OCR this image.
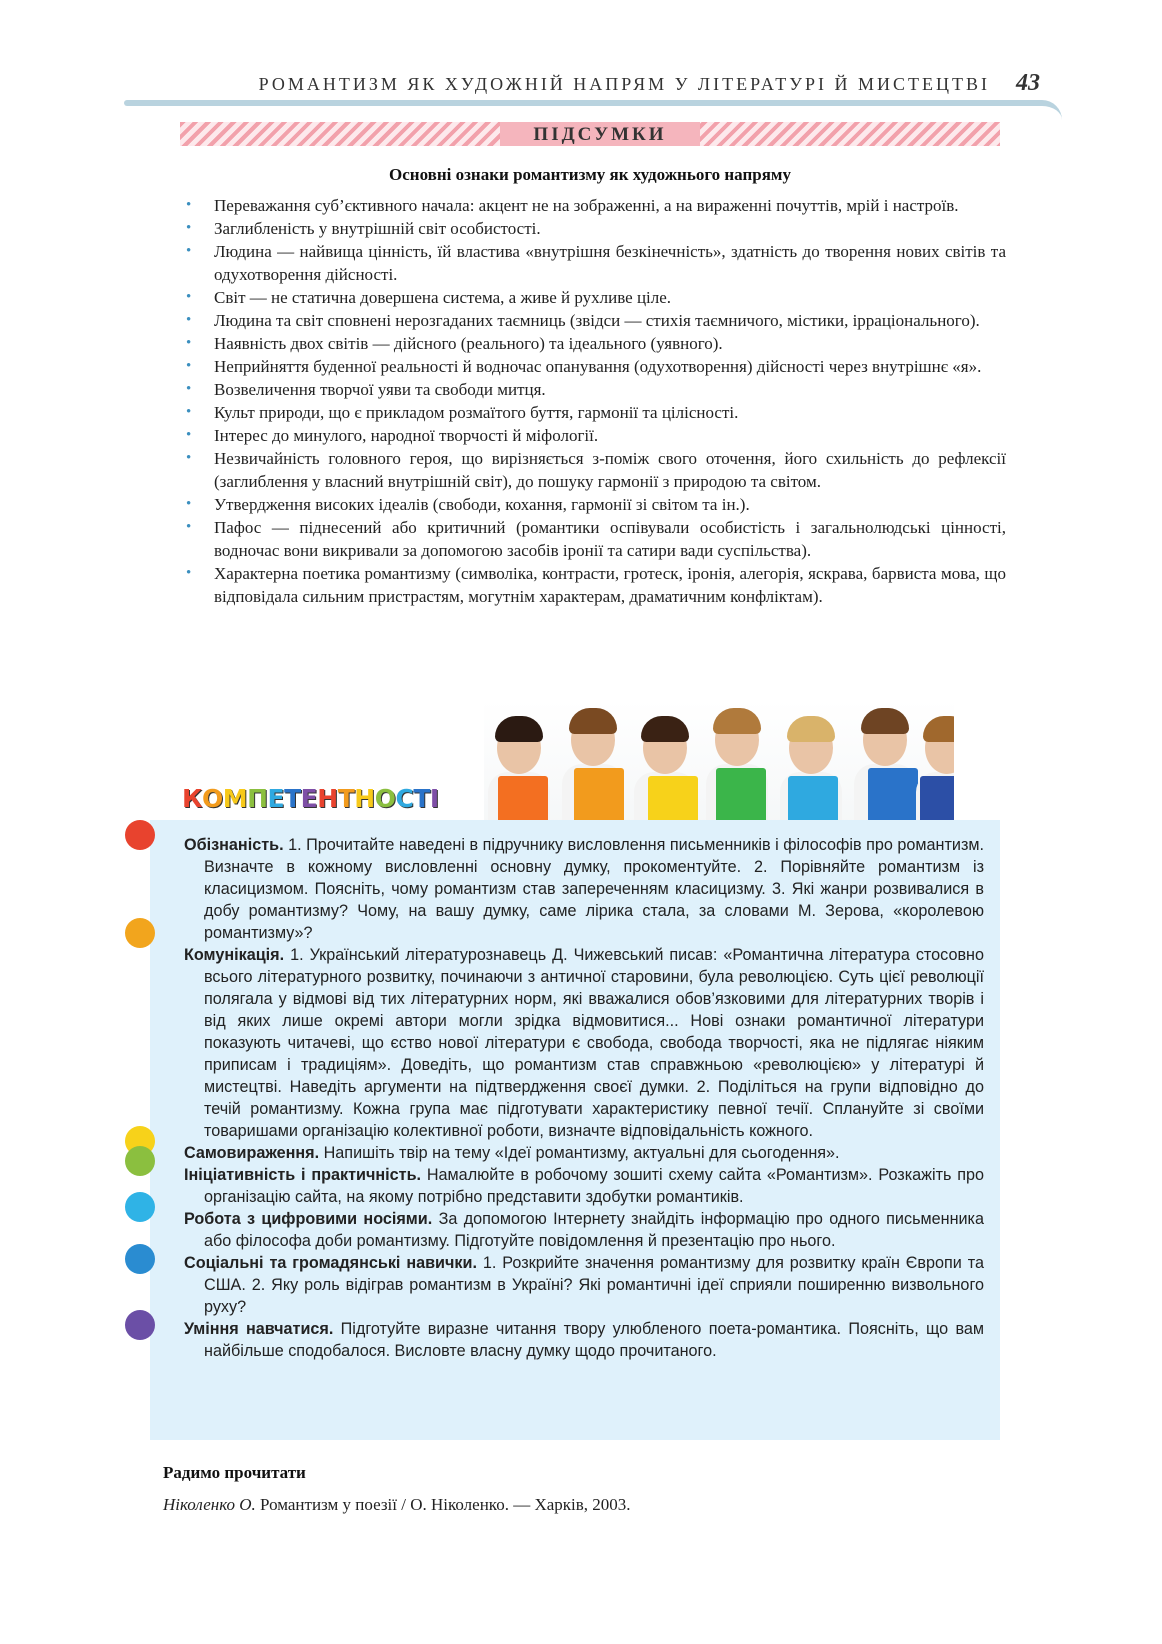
РОМАНТИЗМ ЯК ХУДОЖНІЙ НАПРЯМ У ЛІТЕРАТУРІ Й МИСТЕЦТВІ 43
ПІДСУМКИ
Основні ознаки романтизму як художнього напряму
•	Переважання суб’єктивного начала: акцент не на зображенні, а на вираженні почуттів, мрій і настроїв.
•	Заглибленість у внутрішній світ особистості.
•	Людина — найвища цінність, їй властива «внутрішня безкінечність», здатність до творення нових світів та одухотворення дійсності.
•	Світ — не статична довершена система, а живе й рухливе ціле.
•	Людина та світ сповнені нерозгаданих таємниць (звідси — стихія таємничого, містики, ірраціонального).
•	Наявність двох світів — дійсного (реального) та ідеального (уявного).
•	Неприйняття буденної реальності й водночас опанування (одухотворення) дійсності через внутрішнє «я».
•	Возвеличення творчої уяви та свободи митця.
•	Культ природи, що є прикладом розмаїтого буття, гармонії та цілісності.
•	Інтерес до минулого, народної творчості й міфології.
•	Незвичайність головного героя, що вирізняється з-поміж свого оточення, його схильність до рефлексії (заглиблення у власний внутрішній світ), до пошуку гармонії з природою та світом.
•	Утвердження високих ідеалів (свободи, кохання, гармонії зі світом та ін.).
•	Пафос — піднесений або критичний (романтики оспівували особистість і загальнолюдські цінності, водночас вони викривали за допомогою засобів іронії та сатири вади суспільства).
•	Характерна поетика романтизму (символіка, контрасти, гротеск, іронія, алегорія, яскрава, барвиста мова, що відповідала сильним пристрастям, могутнім характерам, драматичним конфліктам).
КОМПЕТЕНТНОСТІ
Обізнаність. 1. Прочитайте наведені в підручнику висловлення письменників і філософів про романтизм. Визначте в кожному висловленні основну думку, прокоментуйте. 2. Порівняйте романтизм із класицизмом. Поясніть, чому романтизм став запереченням класицизму. 3. Які жанри розвивалися в добу романтизму? Чому, на вашу думку, саме лірика стала, за словами М. Зерова, «королевою романтизму»?
Комунікація. 1. Український літературознавець Д. Чижевський писав: «Романтична література стосовно всього літературного розвитку, починаючи з античної старовини, була революцією. Суть цієї революції полягала у відмові від тих літературних норм, які вважалися обов’язковими для літературних творів і від яких лише окремі автори могли зрідка відмовитися... Нові ознаки романтичної літератури показують читачеві, що єство нової літератури є свобода, свобода творчості, яка не підлягає ніяким приписам і традиціям». Доведіть, що романтизм став справжньою «революцією» у літературі й мистецтві. Наведіть аргументи на підтвердження своєї думки. 2. Поділіться на групи відповідно до течій романтизму. Кожна група має підготувати характеристику певної течії. Сплануйте зі своїми товаришами організацію колективної роботи, визначте відповідальність кожного.
Самовираження. Напишіть твір на тему «Ідеї романтизму, актуальні для сьогодення».
Ініціативність і практичність. Намалюйте в робочому зошиті схему сайта «Романтизм». Розкажіть про організацію сайта, на якому потрібно представити здобутки романтиків.
Робота з цифровими носіями. За допомогою Інтернету знайдіть інформацію про одного письменника або філософа доби романтизму. Підготуйте повідомлення й презентацію про нього.
Соціальні та громадянські навички. 1. Розкрийте значення романтизму для розвитку країн Європи та США. 2. Яку роль відіграв романтизм в Україні? Які романтичні ідеї сприяли поширенню визвольного руху?
Уміння навчатися. Підготуйте виразне читання твору улюбленого поета-романтика. Поясніть, що вам найбільше сподобалося. Висловте власну думку щодо прочитаного.
Радимо прочитати
Ніколенко О. Романтизм у поезії / О. Ніколенко. — Харків, 2003.
